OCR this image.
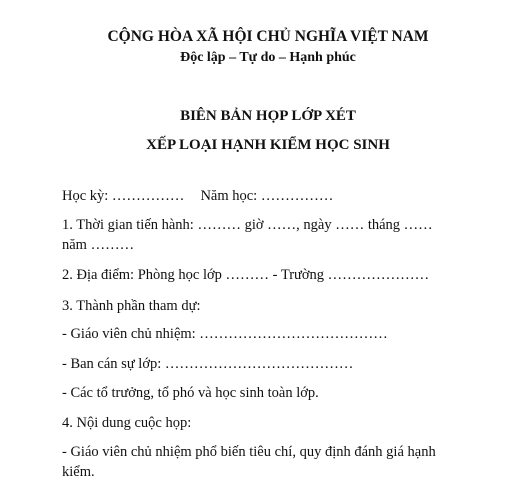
CỘNG HÒA XÃ HỘI CHỦ NGHĨA VIỆT NAM
Độc lập – Tự do – Hạnh phúc
BIÊN BẢN HỌP LỚP XÉT
XẾP LOẠI HẠNH KIỂM HỌC SINH
Học kỳ: …………… Năm học: ……………
1. Thời gian tiến hành: ……… giờ ……, ngày …… tháng ……
năm ………
2. Địa điểm: Phòng học lớp ……… - Trường …………………
3. Thành phần tham dự:
- Giáo viên chủ nhiệm: …………………………………
- Ban cán sự lớp: …………………………………
- Các tổ trưởng, tổ phó và học sinh toàn lớp.
4. Nội dung cuộc họp:
- Giáo viên chủ nhiệm phổ biến tiêu chí, quy định đánh giá hạnh
kiểm.
